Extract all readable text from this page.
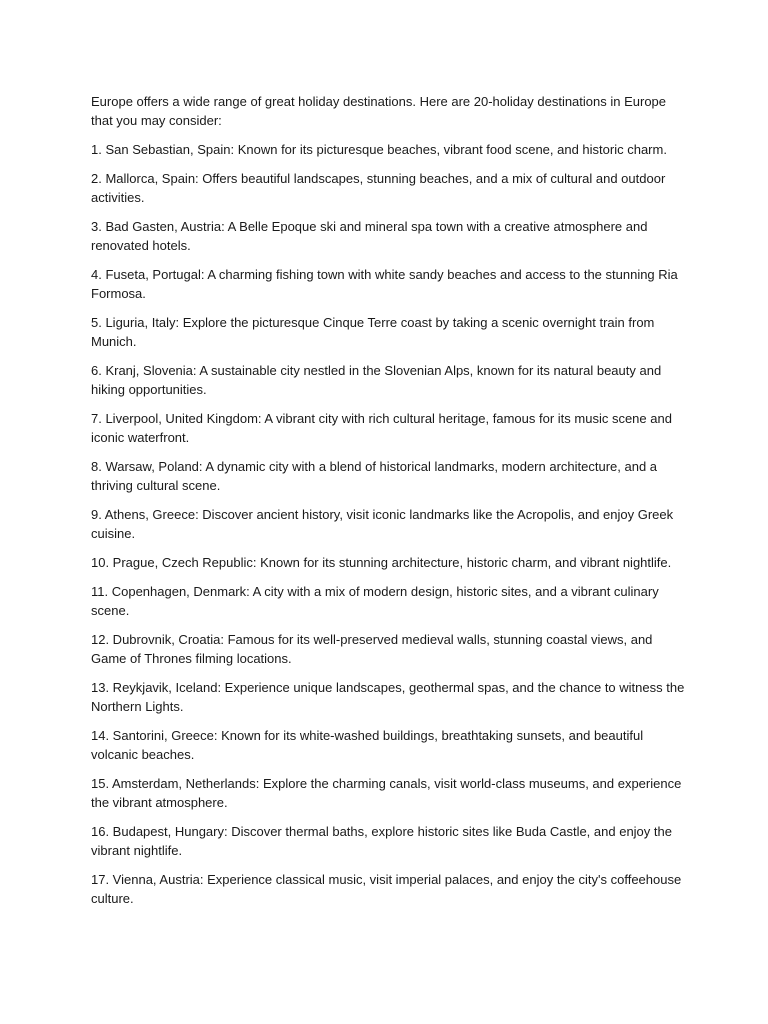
Europe offers a wide range of great holiday destinations. Here are 20-holiday destinations in Europe that you may consider:

1. San Sebastian, Spain: Known for its picturesque beaches, vibrant food scene, and historic charm.
2. Mallorca, Spain: Offers beautiful landscapes, stunning beaches, and a mix of cultural and outdoor activities.
3. Bad Gasten, Austria: A Belle Epoque ski and mineral spa town with a creative atmosphere and renovated hotels.
4. Fuseta, Portugal: A charming fishing town with white sandy beaches and access to the stunning Ria Formosa.
5. Liguria, Italy: Explore the picturesque Cinque Terre coast by taking a scenic overnight train from Munich.
6. Kranj, Slovenia: A sustainable city nestled in the Slovenian Alps, known for its natural beauty and hiking opportunities.
7. Liverpool, United Kingdom: A vibrant city with rich cultural heritage, famous for its music scene and iconic waterfront.
8. Warsaw, Poland: A dynamic city with a blend of historical landmarks, modern architecture, and a thriving cultural scene.
9. Athens, Greece: Discover ancient history, visit iconic landmarks like the Acropolis, and enjoy Greek cuisine.
10. Prague, Czech Republic: Known for its stunning architecture, historic charm, and vibrant nightlife.
11. Copenhagen, Denmark: A city with a mix of modern design, historic sites, and a vibrant culinary scene.
12. Dubrovnik, Croatia: Famous for its well-preserved medieval walls, stunning coastal views, and Game of Thrones filming locations.
13. Reykjavik, Iceland: Experience unique landscapes, geothermal spas, and the chance to witness the Northern Lights.
14. Santorini, Greece: Known for its white-washed buildings, breathtaking sunsets, and beautiful volcanic beaches.
15. Amsterdam, Netherlands: Explore the charming canals, visit world-class museums, and experience the vibrant atmosphere.
16. Budapest, Hungary: Discover thermal baths, explore historic sites like Buda Castle, and enjoy the vibrant nightlife.
17. Vienna, Austria: Experience classical music, visit imperial palaces, and enjoy the city's coffeehouse culture.
